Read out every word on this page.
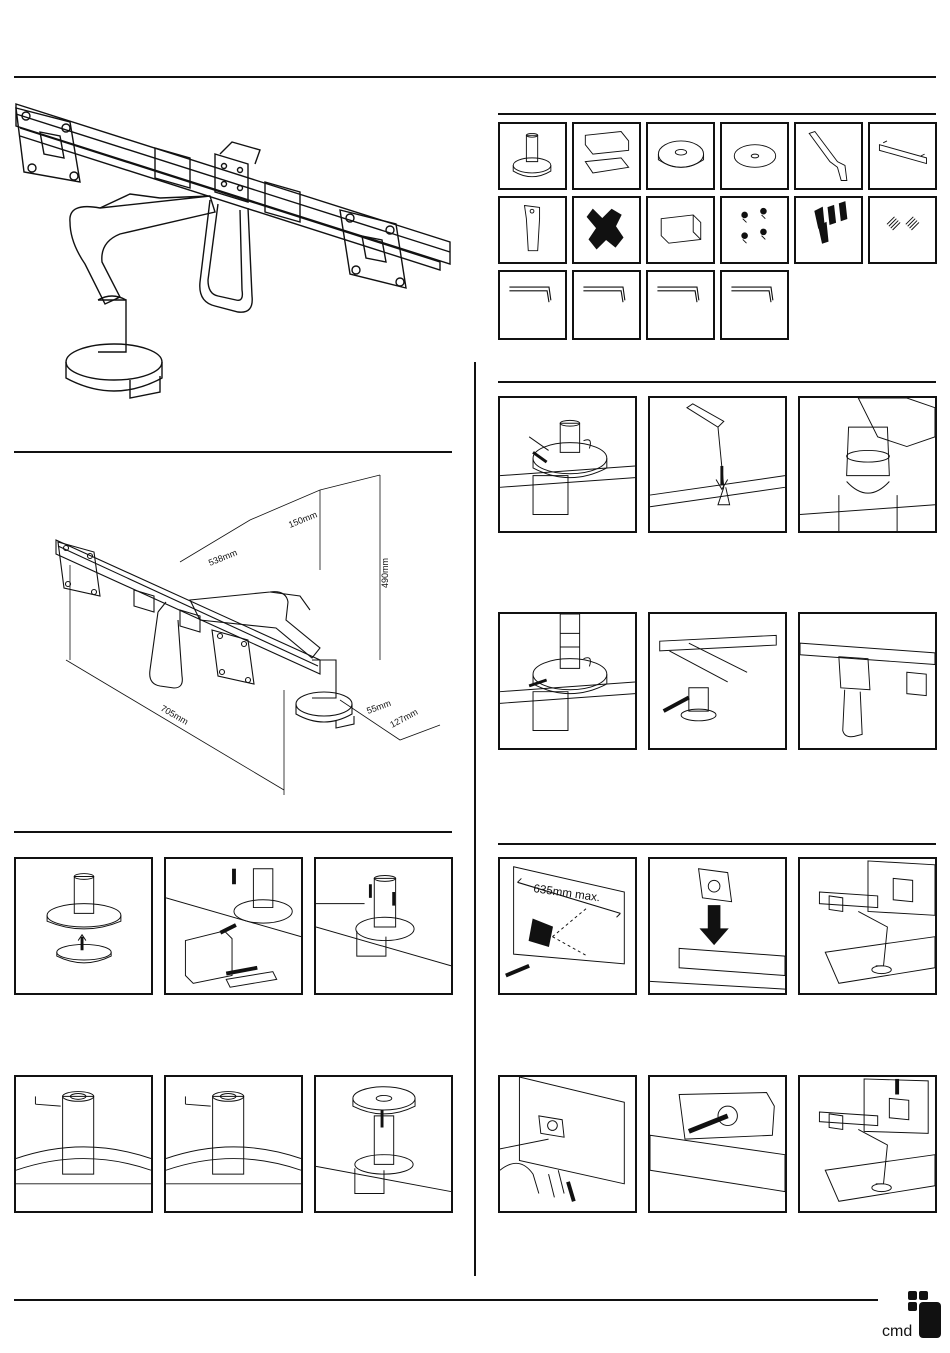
538mm
150mm
490mm
705mm	55mm
127mm
635mm max.
cmd
